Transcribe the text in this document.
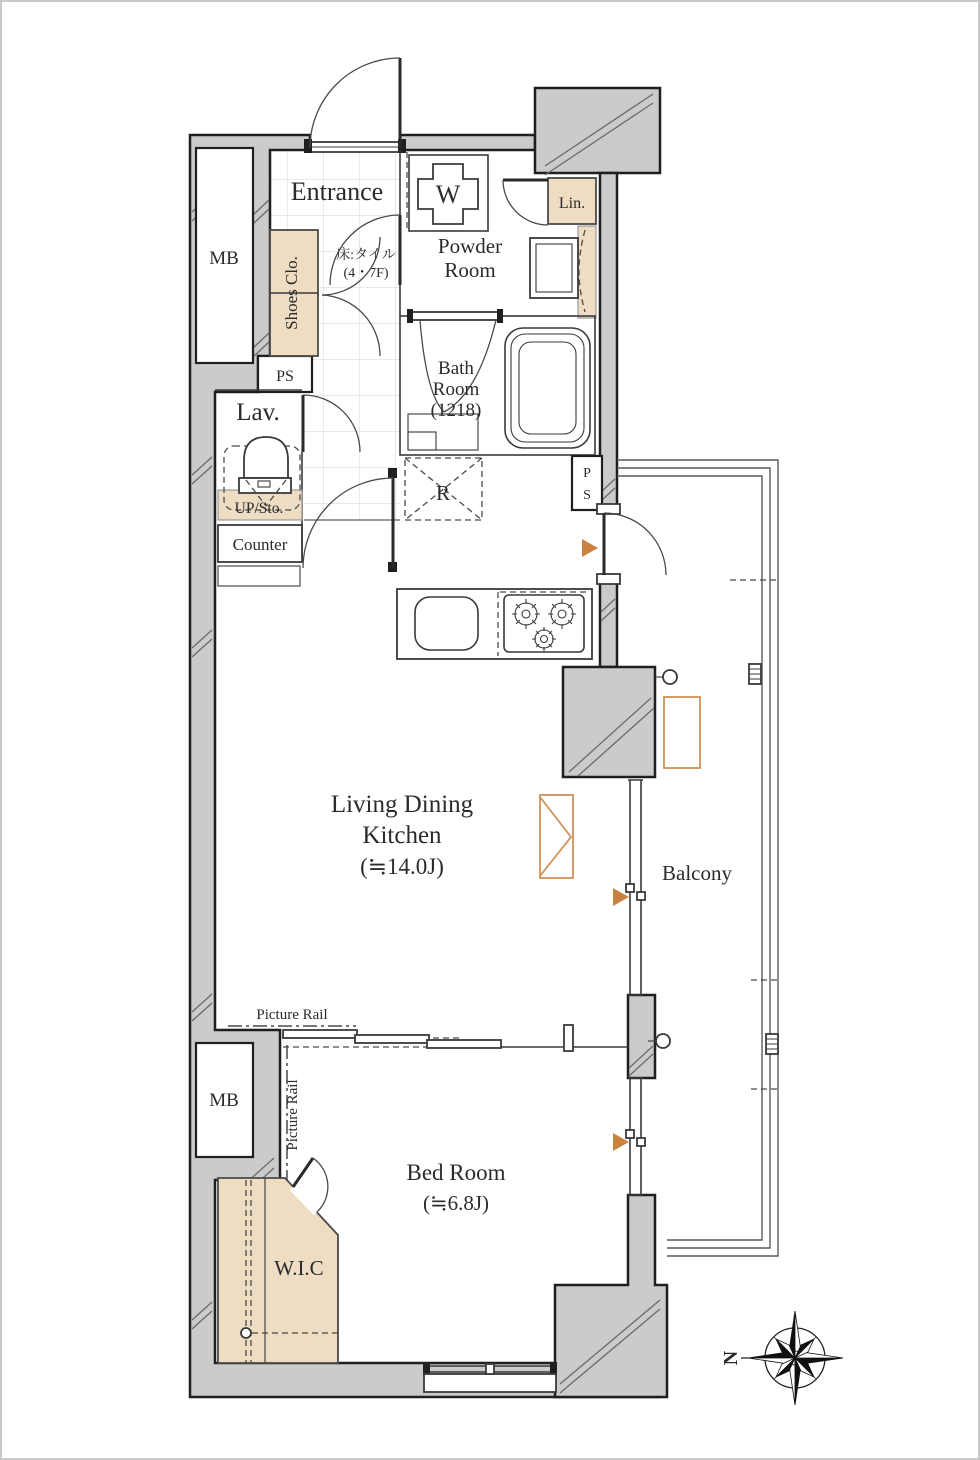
MB
PS
MB
Entrance
床:タイル
(4・7F)
Shoes Clo.
Lav.
UP/Sto.
Counter
W
Powder
Room
Lin.
Bath
Room
(1218)
R
P
S
Living Dining
Kitchen
(≒14.0J)	Balcony
Picture Rail
Picture Rail
Bed Room
(≒6.8J)
W.I.C
N
